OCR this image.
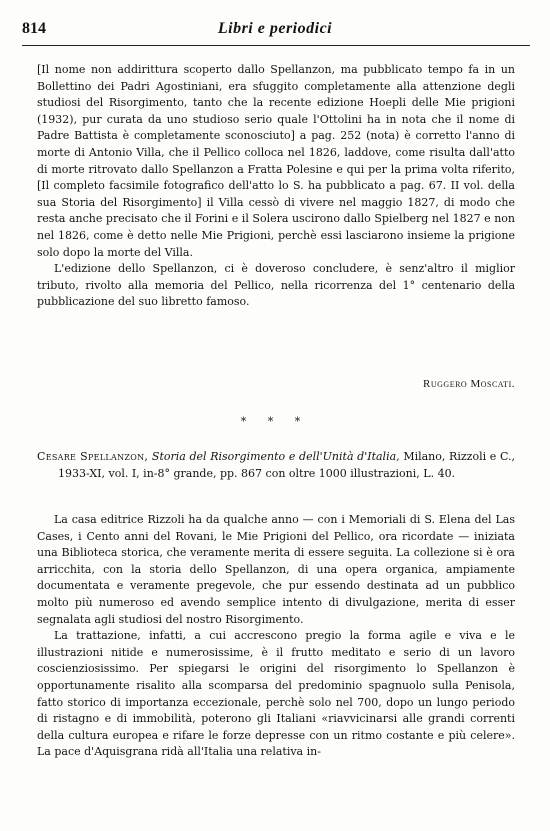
814	Libri e periodici

[Il nome non addirittura scoperto dallo Spellanzon, ma pubblicato tempo fa in un Bollettino dei Padri Agostiniani, era sfuggito completamente alla attenzione degli studiosi del Risorgimento, tanto che la recente edizione Hoepli delle Mie prigioni (1932), pur curata da uno studioso serio quale l'Ottolini ha in nota che il nome di Padre Battista è completamente sconosciuto] a pag. 252 (nota) è corretto l'anno di morte di Antonio Villa, che il Pellico colloca nel 1826, laddove, come risulta dall'atto di morte ritrovato dallo Spellanzon a Fratta Polesine e qui per la prima volta riferito, [Il completo facsimile fotografico dell'atto lo S. ha pubblicato a pag. 67. II vol. della sua Storia del Risorgimento] il Villa cessò di vivere nel maggio 1827, di modo che resta anche precisato che il Forini e il Solera uscirono dallo Spielberg nel 1827 e non nel 1826, come è detto nelle Mie Prigioni, perchè essi lasciarono insieme la prigione solo dopo la morte del Villa.

L'edizione dello Spellanzon, ci è doveroso concludere, è senz'altro il miglior tributo, rivolto alla memoria del Pellico, nella ricorrenza del 1° centenario della pubblicazione del suo libretto famoso.

Ruggero Moscati.
* * *
Cesare Spellanzon, Storia del Risorgimento e dell'Unità d'Italia, Milano, Rizzoli e C., 1933-XI, vol. I, in-8° grande, pp. 867 con oltre 1000 illustrazioni, L. 40.

La casa editrice Rizzoli ha da qualche anno — con i Memoriali di S. Elena del Las Cases, i Cento anni del Rovani, le Mie Prigioni del Pellico, ora ricordate — iniziata una Biblioteca storica, che veramente merita di essere seguita. La collezione si è ora arricchita, con la storia dello Spellanzon, di una opera organica, ampiamente documentata e veramente pregevole, che pur essendo destinata ad un pubblico molto più numeroso ed avendo semplice intento di divulgazione, merita di esser segnalata agli studiosi del nostro Risorgimento.

La trattazione, infatti, a cui accrescono pregio la forma agile e viva e le illustrazioni nitide e numerosissime, è il frutto meditato e serio di un lavoro coscienziosissimo. Per spiegarsi le origini del risorgimento lo Spellanzon è opportunamente risalito alla scomparsa del predominio spagnuolo sulla Penisola, fatto storico di importanza eccezionale, perchè solo nel 700, dopo un lungo periodo di ristagno e di immobilità, poterono gli Italiani «riavvicinarsi alle grandi correnti della cultura europea e rifare le forze depresse con un ritmo costante e più celere». La pace d'Aquisgrana ridà all'Italia una relativa in-
